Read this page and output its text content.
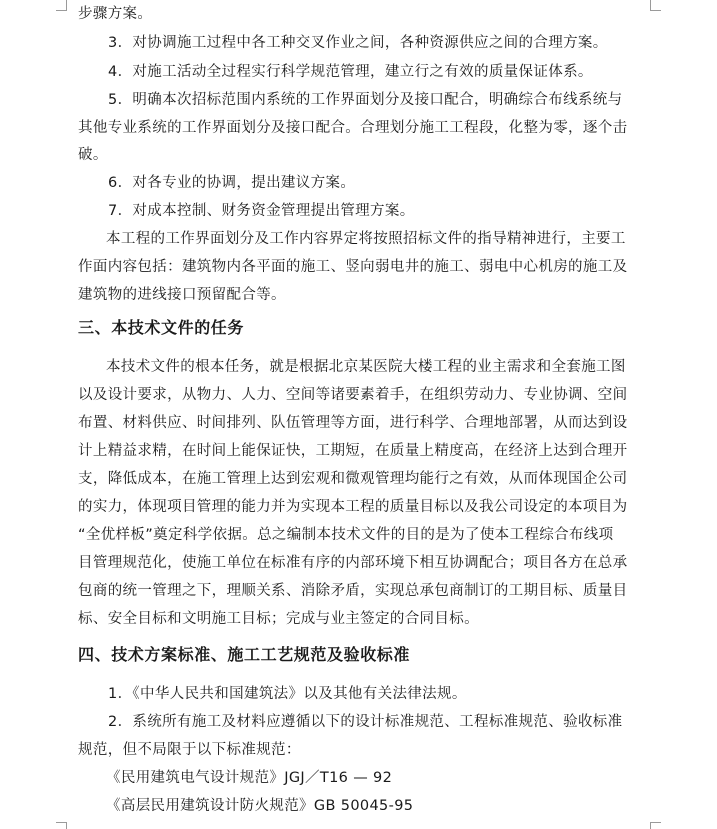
步骤方案。
3．对协调施工过程中各工种交叉作业之间，各种资源供应之间的合理方案。
4．对施工活动全过程实行科学规范管理，建立行之有效的质量保证体系。
5．明确本次招标范围内系统的工作界面划分及接口配合，明确综合布线系统与
其他专业系统的工作界面划分及接口配合。合理划分施工工程段，化整为零，逐个击
破。
6．对各专业的协调，提出建议方案。
7．对成本控制、财务资金管理提出管理方案。
本工程的工作界面划分及工作内容界定将按照招标文件的指导精神进行，主要工
作面内容包括：建筑物内各平面的施工、竖向弱电井的施工、弱电中心机房的施工及
建筑物的进线接口预留配合等。
三、本技术文件的任务
本技术文件的根本任务，就是根据北京某医院大楼工程的业主需求和全套施工图
以及设计要求，从物力、人力、空间等诸要素着手，在组织劳动力、专业协调、空间
布置、材料供应、时间排列、队伍管理等方面，进行科学、合理地部署，从而达到设
计上精益求精，在时间上能保证快，工期短，在质量上精度高，在经济上达到合理开
支，降低成本，在施工管理上达到宏观和微观管理均能行之有效，从而体现国企公司
的实力，体现项目管理的能力并为实现本工程的质量目标以及我公司设定的本项目为
“全优样板”奠定科学依据。总之编制本技术文件的目的是为了使本工程综合布线项
目管理规范化，使施工单位在标准有序的内部环境下相互协调配合；项目各方在总承
包商的统一管理之下，理顺关系、消除矛盾，实现总承包商制订的工期目标、质量目
标、安全目标和文明施工目标；完成与业主签定的合同目标。
四、技术方案标准、施工工艺规范及验收标准
1．《中华人民共和国建筑法》以及其他有关法律法规。
2．系统所有施工及材料应遵循以下的设计标准规范、工程标准规范、验收标准
规范，但不局限于以下标准规范：
《民用建筑电气设计规范》JGJ／T16 — 92
《高层民用建筑设计防火规范》GB 50045-95
